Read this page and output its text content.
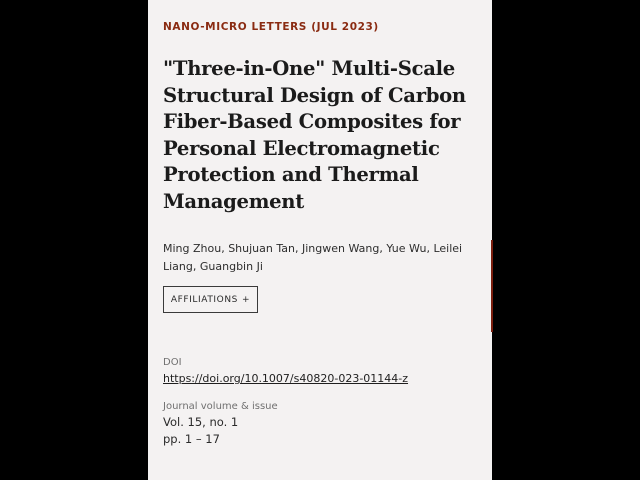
NANO-MICRO LETTERS (JUL 2023)
"Three-in-One" Multi-Scale Structural Design of Carbon Fiber-Based Composites for Personal Electromagnetic Protection and Thermal Management
Ming Zhou, Shujuan Tan, Jingwen Wang, Yue Wu, Leilei Liang, Guangbin Ji
AFFILIATIONS +
DOI
https://doi.org/10.1007/s40820-023-01144-z
Journal volume & issue
Vol. 15, no. 1
pp. 1 – 17
